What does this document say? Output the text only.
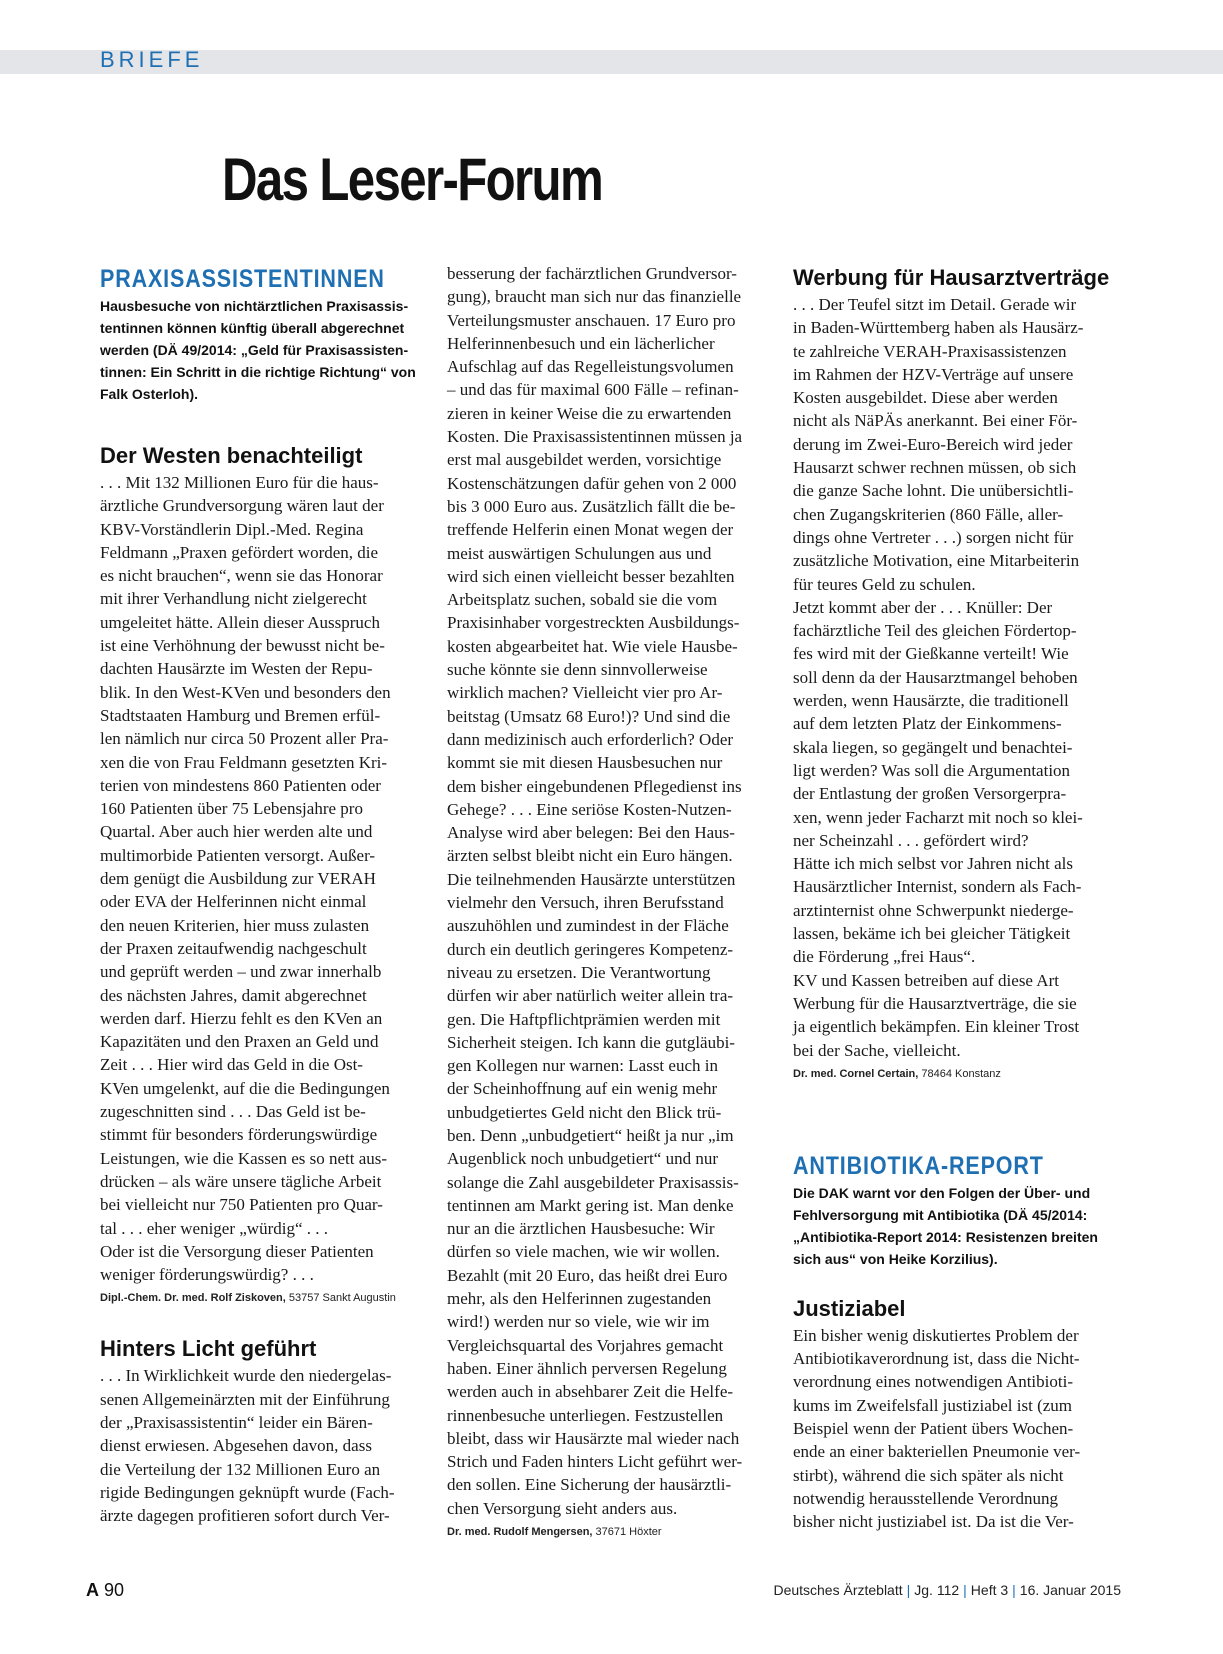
BRIEFE
Das Leser-Forum
PRAXISASSISTENTINNEN

Hausbesuche von nichtärztlichen Praxisassistentinnen können künftig überall abgerechnet werden (DÄ 49/2014: „Geld für Praxisassistentinnen: Ein Schritt in die richtige Richtung“ von Falk Osterloh).

Der Westen benachteiligt

. . . Mit 132 Millionen Euro für die haus-
ärztliche Grundversorgung wären laut der
KBV-Vorständlerin Dipl.-Med. Regina
Feldmann „Praxen gefördert worden, die
es nicht brauchen“, wenn sie das Honorar
mit ihrer Verhandlung nicht zielgerecht
umgeleitet hätte. Allein dieser Ausspruch
ist eine Verhöhnung der bewusst nicht be-
dachten Hausärzte im Westen der Repu-
blik. In den West-KVen und besonders den
Stadtstaaten Hamburg und Bremen erfül-
len nämlich nur circa 50 Prozent aller Pra-
xen die von Frau Feldmann gesetzten Kri-
terien von mindestens 860 Patienten oder
160 Patienten über 75 Lebensjahre pro
Quartal. Aber auch hier werden alte und
multimorbide Patienten versorgt. Außer-
dem genügt die Ausbildung zur VERAH
oder EVA der Helferinnen nicht einmal
den neuen Kriterien, hier muss zulasten
der Praxen zeitaufwendig nachgeschult
und geprüft werden – und zwar innerhalb
des nächsten Jahres, damit abgerechnet
werden darf. Hierzu fehlt es den KVen an
Kapazitäten und den Praxen an Geld und
Zeit . . . Hier wird das Geld in die Ost-
KVen umgelenkt, auf die die Bedingungen
zugeschnitten sind . . . Das Geld ist be-
stimmt für besonders förderungswürdige
Leistungen, wie die Kassen es so nett aus-
drücken – als wäre unsere tägliche Arbeit
bei vielleicht nur 750 Patienten pro Quar-
tal . . . eher weniger „würdig“ . . .
Oder ist die Versorgung dieser Patienten
weniger förderungswürdig? . . .

Dipl.-Chem. Dr. med. Rolf Ziskoven, 53757 Sankt Augustin

Hinters Licht geführt

. . . In Wirklichkeit wurde den niedergelas-
senen Allgemeinärzten mit der Einführung
der „Praxisassistentin“ leider ein Bären-
dienst erwiesen. Abgesehen davon, dass
die Verteilung der 132 Millionen Euro an
rigide Bedingungen geknüpft wurde (Fach-
ärzte dagegen profitieren sofort durch Ver-

besserung der fachärztlichen Grundversor-
gung), braucht man sich nur das finanzielle
Verteilungsmuster anschauen. 17 Euro pro
Helferinnenbesuch und ein lächerlicher
Aufschlag auf das Regelleistungsvolumen
– und das für maximal 600 Fälle – refinan-
zieren in keiner Weise die zu erwartenden
Kosten. Die Praxisassistentinnen müssen ja
erst mal ausgebildet werden, vorsichtige
Kostenschätzungen dafür gehen von 2 000
bis 3 000 Euro aus. Zusätzlich fällt die be-
treffende Helferin einen Monat wegen der
meist auswärtigen Schulungen aus und
wird sich einen vielleicht besser bezahlten
Arbeitsplatz suchen, sobald sie die vom
Praxisinhaber vorgestreckten Ausbildungs-
kosten abgearbeitet hat. Wie viele Hausbe-
suche könnte sie denn sinnvollerweise
wirklich machen? Vielleicht vier pro Ar-
beitstag (Umsatz 68 Euro!)? Und sind die
dann medizinisch auch erforderlich? Oder
kommt sie mit diesen Hausbesuchen nur
dem bisher eingebundenen Pflegedienst ins
Gehege? . . . Eine seriöse Kosten-Nutzen-
Analyse wird aber belegen: Bei den Haus-
ärzten selbst bleibt nicht ein Euro hängen.
Die teilnehmenden Hausärzte unterstützen
vielmehr den Versuch, ihren Berufsstand
auszuhöhlen und zumindest in der Fläche
durch ein deutlich geringeres Kompetenz-
niveau zu ersetzen. Die Verantwortung
dürfen wir aber natürlich weiter allein tra-
gen. Die Haftpflichtprämien werden mit
Sicherheit steigen. Ich kann die gutgläubi-
gen Kollegen nur warnen: Lasst euch in
der Scheinhoffnung auf ein wenig mehr
unbudgetiertes Geld nicht den Blick trü-
ben. Denn „unbudgetiert“ heißt ja nur „im
Augenblick noch unbudgetiert“ und nur
solange die Zahl ausgebildeter Praxisassis-
tentinnen am Markt gering ist. Man denke
nur an die ärztlichen Hausbesuche: Wir
dürfen so viele machen, wie wir wollen.
Bezahlt (mit 20 Euro, das heißt drei Euro
mehr, als den Helferinnen zugestanden
wird!) werden nur so viele, wie wir im
Vergleichsquartal des Vorjahres gemacht
haben. Einer ähnlich perversen Regelung
werden auch in absehbarer Zeit die Helfe-
rinnenbesuche unterliegen. Festzustellen
bleibt, dass wir Hausärzte mal wieder nach
Strich und Faden hinters Licht geführt wer-
den sollen. Eine Sicherung der hausärztli-
chen Versorgung sieht anders aus.

Dr. med. Rudolf Mengersen, 37671 Höxter

Werbung für Hausarztverträge

. . . Der Teufel sitzt im Detail. Gerade wir
in Baden-Württemberg haben als Hausärz-
te zahlreiche VERAH-Praxisassistenzen
im Rahmen der HZV-Verträge auf unsere
Kosten ausgebildet. Diese aber werden
nicht als NäPÄs anerkannt. Bei einer För-
derung im Zwei-Euro-Bereich wird jeder
Hausarzt schwer rechnen müssen, ob sich
die ganze Sache lohnt. Die unübersichtli-
chen Zugangskriterien (860 Fälle, aller-
dings ohne Vertreter . . .) sorgen nicht für
zusätzliche Motivation, eine Mitarbeiterin
für teures Geld zu schulen.
Jetzt kommt aber der . . . Knüller: Der
fachärztliche Teil des gleichen Fördertop-
fes wird mit der Gießkanne verteilt! Wie
soll denn da der Hausarztmangel behoben
werden, wenn Hausärzte, die traditionell
auf dem letzten Platz der Einkommens-
skala liegen, so gegängelt und benachtei-
ligt werden? Was soll die Argumentation
der Entlastung der großen Versorgerpra-
xen, wenn jeder Facharzt mit noch so klei-
ner Scheinzahl . . . gefördert wird?
Hätte ich mich selbst vor Jahren nicht als
Hausärztlicher Internist, sondern als Fach-
arztinternist ohne Schwerpunkt niederge-
lassen, bekäme ich bei gleicher Tätigkeit
die Förderung „frei Haus“.
KV und Kassen betreiben auf diese Art
Werbung für die Hausarztverträge, die sie
ja eigentlich bekämpfen. Ein kleiner Trost
bei der Sache, vielleicht.

Dr. med. Cornel Certain, 78464 Konstanz

ANTIBIOTIKA-REPORT

Die DAK warnt vor den Folgen der Über- und Fehlversorgung mit Antibiotika (DÄ 45/2014: „Antibiotika-Report 2014: Resistenzen breiten sich aus“ von Heike Korzilius).

Justiziabel

Ein bisher wenig diskutiertes Problem der
Antibiotikaverordnung ist, dass die Nicht-
verordnung eines notwendigen Antibioti-
kums im Zweifelsfall justiziabel ist (zum
Beispiel wenn der Patient übers Wochen-
ende an einer bakteriellen Pneumonie ver-
stirbt), während die sich später als nicht
notwendig herausstellende Verordnung
bisher nicht justiziabel ist. Da ist die Ver-

A 90	Deutsches Ärzteblatt | Jg. 112 | Heft 3 | 16. Januar 2015
